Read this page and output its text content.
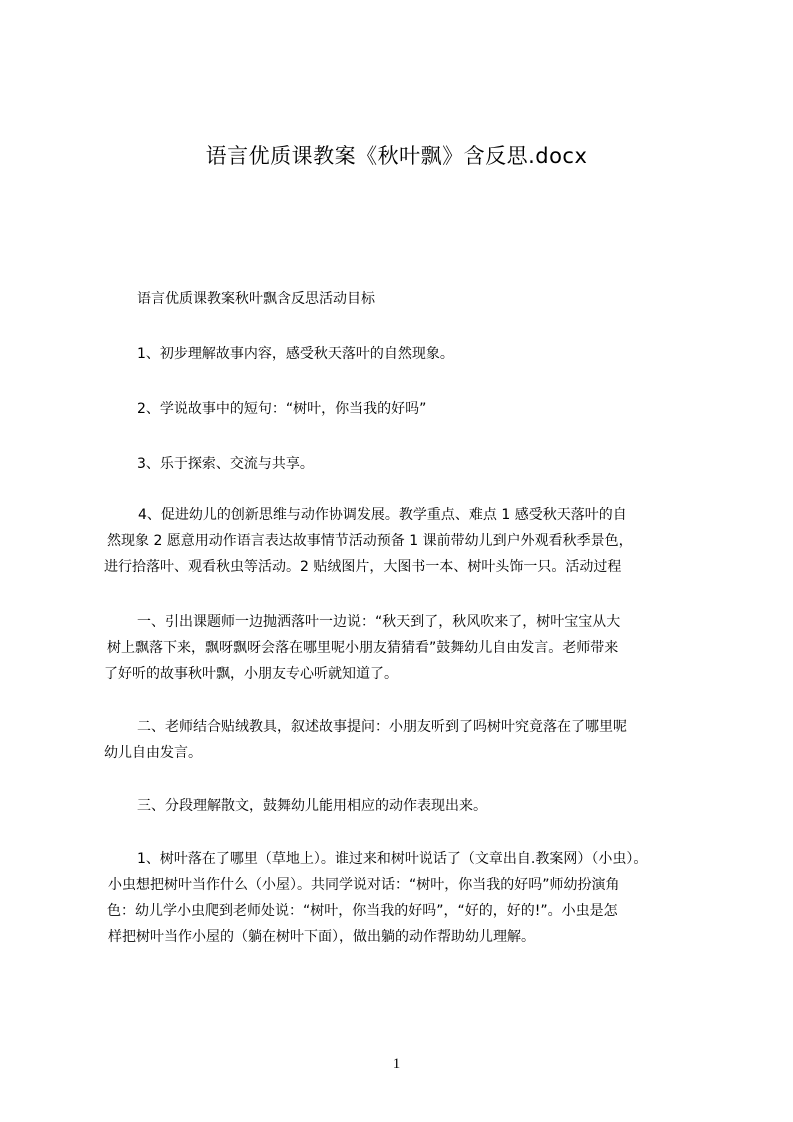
语言优质课教案《秋叶飘》含反思.docx
语言优质课教案秋叶飘含反思活动目标
1、初步理解故事内容，感受秋天落叶的自然现象。
2、学说故事中的短句：“树叶，你当我的好吗”
3、乐于探索、交流与共享。
4、促进幼儿的创新思维与动作协调发展。教学重点、难点 1 感受秋天落叶的自
然现象 2 愿意用动作语言表达故事情节活动预备 1 课前带幼儿到户外观看秋季景色，
进行拾落叶、观看秋虫等活动。2 贴绒图片，大图书一本、树叶头饰一只。活动过程
一、引出课题师一边抛洒落叶一边说：“秋天到了，秋风吹来了，树叶宝宝从大
树上飘落下来，飘呀飘呀会落在哪里呢小朋友猜猜看”鼓舞幼儿自由发言。老师带来
了好听的故事秋叶飘，小朋友专心听就知道了。
二、老师结合贴绒教具，叙述故事提问：小朋友听到了吗树叶究竟落在了哪里呢
幼儿自由发言。
三、分段理解散文，鼓舞幼儿能用相应的动作表现出来。
1、树叶落在了哪里（草地上）。谁过来和树叶说话了（文章出自.教案网）（小虫）。
小虫想把树叶当作什么（小屋）。共同学说对话：“树叶，你当我的好吗”师幼扮演角
色：幼儿学小虫爬到老师处说：“树叶，你当我的好吗”，“好的，好的!”。小虫是怎
样把树叶当作小屋的（躺在树叶下面），做出躺的动作帮助幼儿理解。
1
